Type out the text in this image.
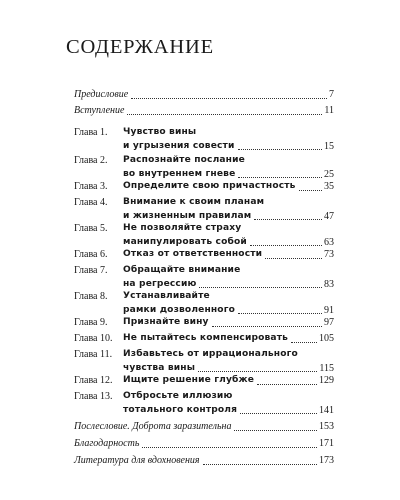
СОДЕРЖАНИЕ
Предисловие	7
Вступление	11
Глава 1.	Чувство вины
и угрызения совести	15
Глава 2.	Распознайте послание
во внутреннем гневе	25
Глава 3.	Определите свою причастность	35
Глава 4.	Внимание к своим планам
и жизненным правилам	47
Глава 5.	Не позволяйте страху
манипулировать собой	63
Глава 6.	Отказ от ответственности	73
Глава 7.	Обращайте внимание
на регрессию	83
Глава 8.	Устанавливайте
рамки дозволенного	91
Глава 9.	Признайте вину	97
Глава 10.	Не пытайтесь компенсировать	105
Глава 11.	Избавьтесь от иррационального
чувства вины	115
Глава 12.	Ищите решение глубже	129
Глава 13.	Отбросьте иллюзию
тотального контроля	141
Послесловие. Доброта заразительна	153
Благодарность	171
Литература для вдохновения	173
